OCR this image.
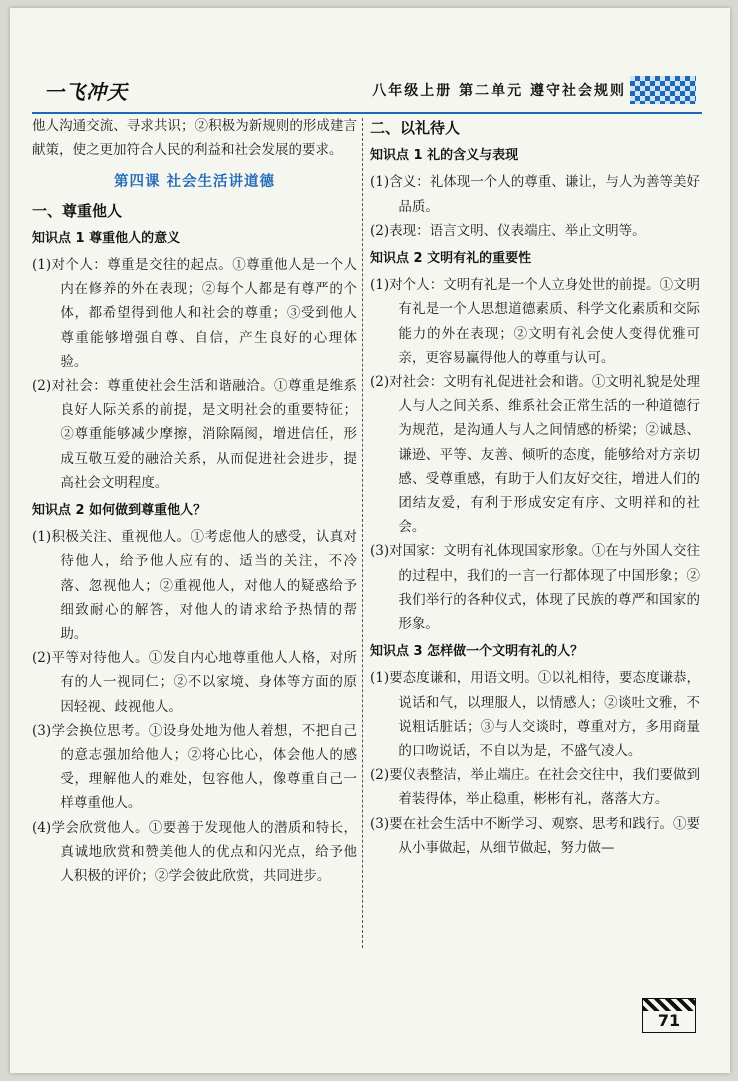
一飞冲天	八年级上册 第二单元 遵守社会规则

他人沟通交流、寻求共识；②积极为新规则的形成建言献策，使之更加符合人民的利益和社会发展的要求。

第四课 社会生活讲道德
一、尊重他人
知识点 1 尊重他人的意义

(1)对个人：尊重是交往的起点。①尊重他人是一个人内在修养的外在表现；②每个人都是有尊严的个体，都希望得到他人和社会的尊重；③受到他人尊重能够增强自尊、自信，产生良好的心理体验。

(2)对社会：尊重使社会生活和谐融洽。①尊重是维系良好人际关系的前提，是文明社会的重要特征；②尊重能够减少摩擦，消除隔阂，增进信任，形成互敬互爱的融洽关系，从而促进社会进步，提高社会文明程度。

知识点 2 如何做到尊重他人？

(1)积极关注、重视他人。①考虑他人的感受，认真对待他人，给予他人应有的、适当的关注，不冷落、忽视他人；②重视他人，对他人的疑惑给予细致耐心的解答，对他人的请求给予热情的帮助。

(2)平等对待他人。①发自内心地尊重他人人格，对所有的人一视同仁；②不以家境、身体等方面的原因轻视、歧视他人。

(3)学会换位思考。①设身处地为他人着想，不把自己的意志强加给他人；②将心比心，体会他人的感受，理解他人的难处，包容他人，像尊重自己一样尊重他人。

(4)学会欣赏他人。①要善于发现他人的潜质和特长，真诚地欣赏和赞美他人的优点和闪光点，给予他人积极的评价；②学会彼此欣赏，共同进步。

二、以礼待人
知识点 1 礼的含义与表现

(1)含义：礼体现一个人的尊重、谦让，与人为善等美好品质。

(2)表现：语言文明、仪表端庄、举止文明等。

知识点 2 文明有礼的重要性

(1)对个人：文明有礼是一个人立身处世的前提。①文明有礼是一个人思想道德素质、科学文化素质和交际能力的外在表现；②文明有礼会使人变得优雅可亲，更容易赢得他人的尊重与认可。

(2)对社会：文明有礼促进社会和谐。①文明礼貌是处理人与人之间关系、维系社会正常生活的一种道德行为规范，是沟通人与人之间情感的桥梁；②诚恳、谦逊、平等、友善、倾听的态度，能够给对方亲切感、受尊重感，有助于人们友好交往，增进人们的团结友爱，有利于形成安定有序、文明祥和的社会。

(3)对国家：文明有礼体现国家形象。①在与外国人交往的过程中，我们的一言一行都体现了中国形象；②我们举行的各种仪式，体现了民族的尊严和国家的形象。

知识点 3 怎样做一个文明有礼的人？

(1)要态度谦和，用语文明。①以礼相待，要态度谦恭，说话和气，以理服人，以情感人；②谈吐文雅，不说粗话脏话；③与人交谈时，尊重对方，多用商量的口吻说话，不自以为是，不盛气凌人。

(2)要仪表整洁，举止端庄。在社会交往中，我们要做到着装得体，举止稳重，彬彬有礼，落落大方。

(3)要在社会生活中不断学习、观察、思考和践行。①要从小事做起，从细节做起，努力做—

71
